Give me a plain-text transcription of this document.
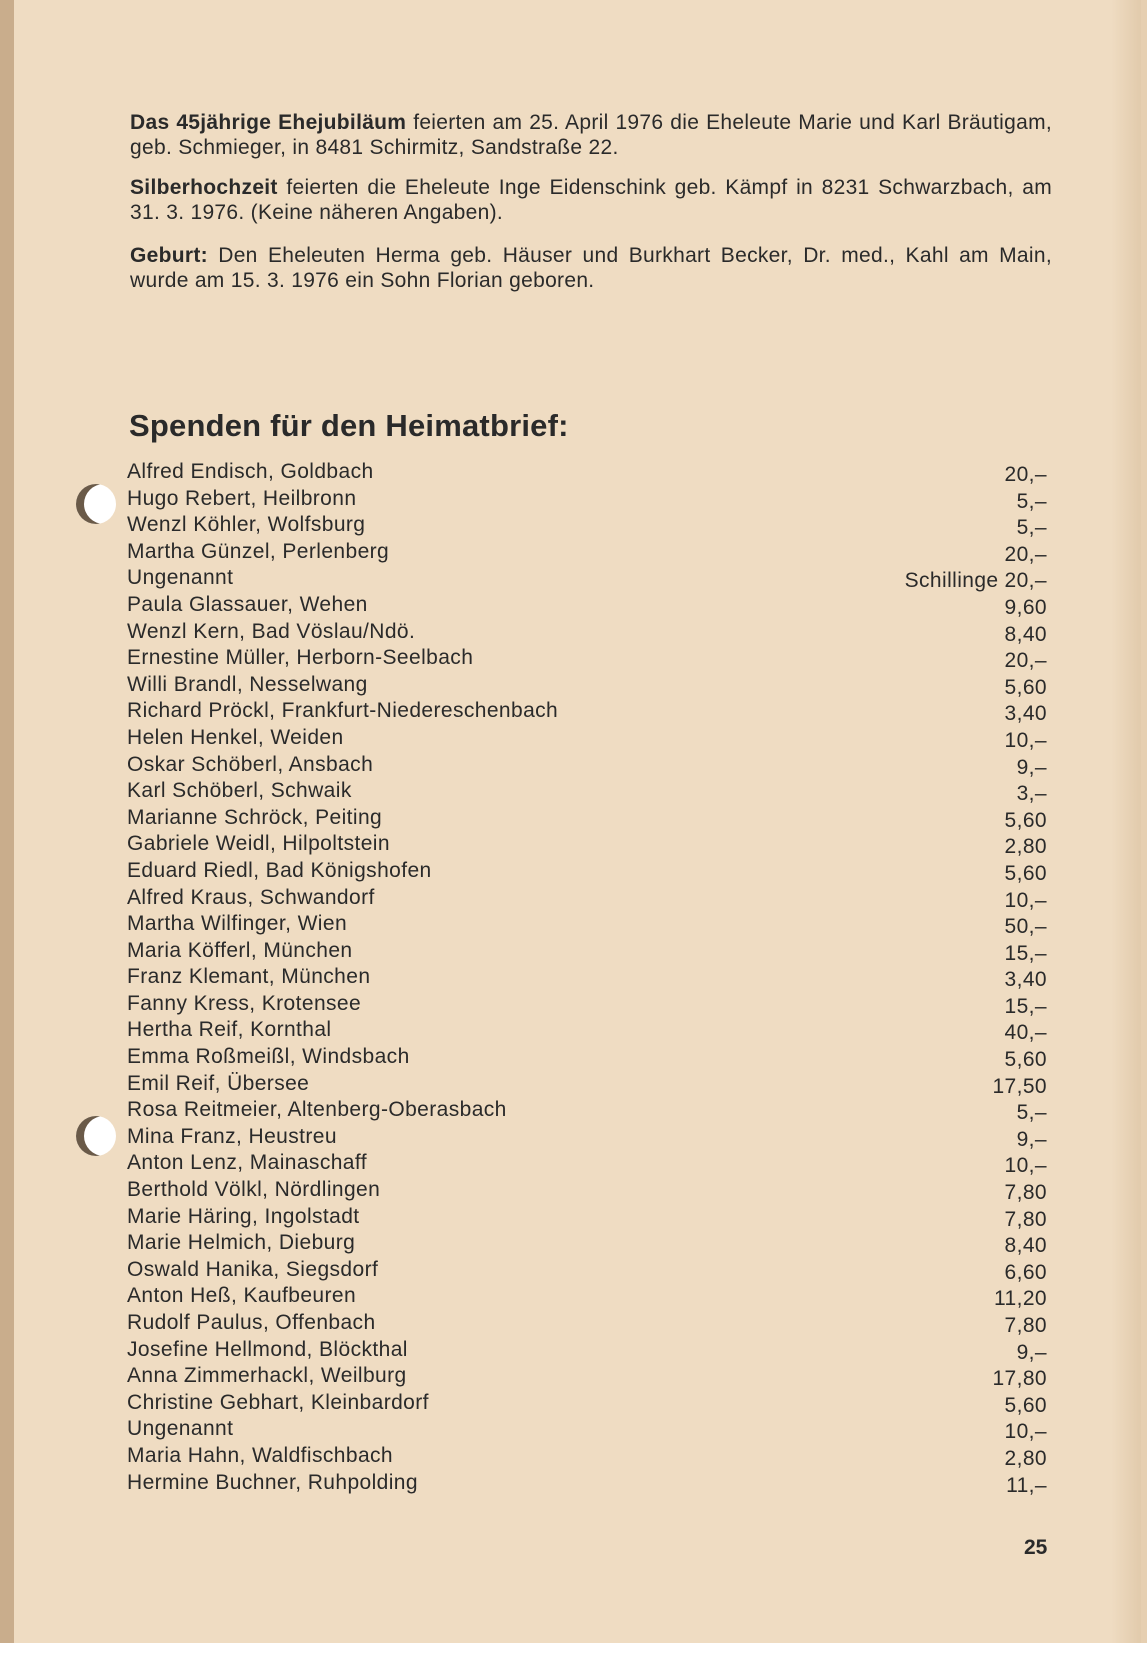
Das 45jährige Ehejubiläum feierten am 25. April 1976 die Eheleute Marie und Karl Bräutigam, geb. Schmieger, in 8481 Schirmitz, Sandstraße 22.

Silberhochzeit feierten die Eheleute Inge Eidenschink geb. Kämpf in 8231 Schwarzbach, am 31. 3. 1976. (Keine näheren Angaben).

Geburt: Den Eheleuten Herma geb. Häuser und Burkhart Becker, Dr. med., Kahl am Main, wurde am 15. 3. 1976 ein Sohn Florian geboren.

Spenden für den Heimatbrief:
Alfred Endisch, Goldbach	20,–
Hugo Rebert, Heilbronn	5,–
Wenzl Köhler, Wolfsburg	5,–
Martha Günzel, Perlenberg	20,–
Ungenannt	Schillinge 20,–
Paula Glassauer, Wehen	9,60
Wenzl Kern, Bad Vöslau/Ndö.	8,40
Ernestine Müller, Herborn-Seelbach	20,–
Willi Brandl, Nesselwang	5,60
Richard Pröckl, Frankfurt-Niedereschenbach	3,40
Helen Henkel, Weiden	10,–
Oskar Schöberl, Ansbach	9,–
Karl Schöberl, Schwaik	3,–
Marianne Schröck, Peiting	5,60
Gabriele Weidl, Hilpoltstein	2,80
Eduard Riedl, Bad Königshofen	5,60
Alfred Kraus, Schwandorf	10,–
Martha Wilfinger, Wien	50,–
Maria Köfferl, München	15,–
Franz Klemant, München	3,40
Fanny Kress, Krotensee	15,–
Hertha Reif, Kornthal	40,–
Emma Roßmeißl, Windsbach	5,60
Emil Reif, Übersee	17,50
Rosa Reitmeier, Altenberg-Oberasbach	5,–
Mina Franz, Heustreu	9,–
Anton Lenz, Mainaschaff	10,–
Berthold Völkl, Nördlingen	7,80
Marie Häring, Ingolstadt	7,80
Marie Helmich, Dieburg	8,40
Oswald Hanika, Siegsdorf	6,60
Anton Heß, Kaufbeuren	11,20
Rudolf Paulus, Offenbach	7,80
Josefine Hellmond, Blöckthal	9,–
Anna Zimmerhackl, Weilburg	17,80
Christine Gebhart, Kleinbardorf	5,60
Ungenannt	10,–
Maria Hahn, Waldfischbach	2,80
Hermine Buchner, Ruhpolding	11,–
25
